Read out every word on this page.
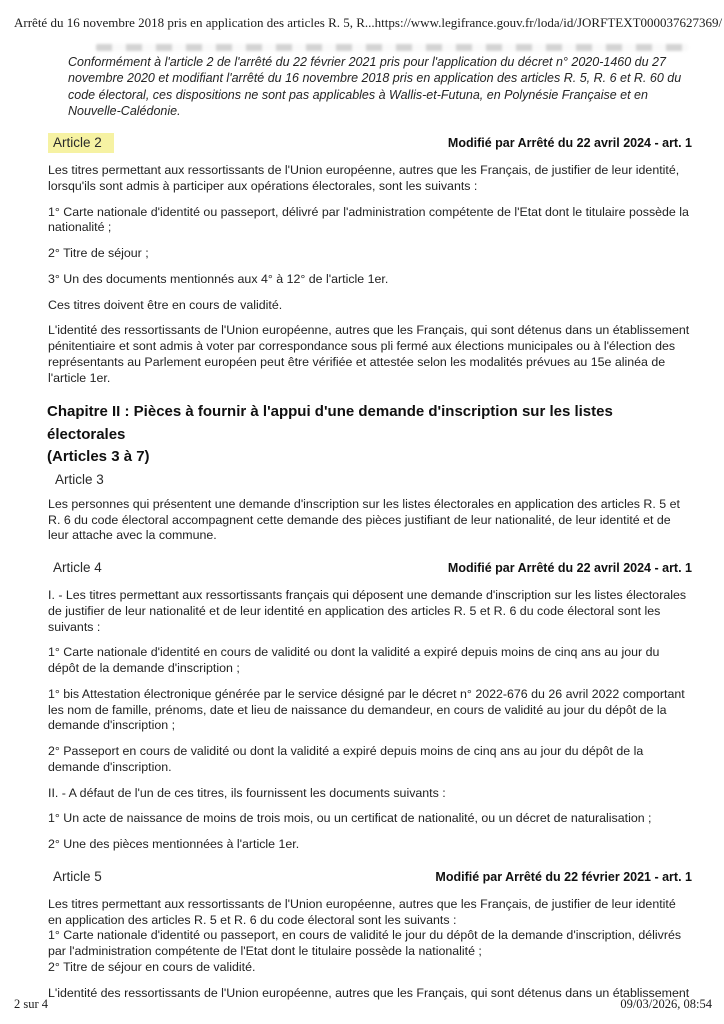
Arrêté du 16 novembre 2018 pris en application des articles R. 5, R... https://www.legifrance.gouv.fr/loda/id/JORFTEXT000037627369/

Conformément à l'article 2 de l'arrêté du 22 février 2021 pris pour l'application du décret n° 2020-1460 du 27 novembre 2020 et modifiant l'arrêté du 16 novembre 2018 pris en application des articles R. 5, R. 6 et R. 60 du code électoral, ces dispositions ne sont pas applicables à Wallis-et-Futuna, en Polynésie Française et en Nouvelle-Calédonie.

Article 2	Modifié par Arrêté du 22 avril 2024 - art. 1

Les titres permettant aux ressortissants de l'Union européenne, autres que les Français, de justifier de leur identité, lorsqu'ils sont admis à participer aux opérations électorales, sont les suivants :

1° Carte nationale d'identité ou passeport, délivré par l'administration compétente de l'Etat dont le titulaire possède la nationalité ;

2° Titre de séjour ;

3° Un des documents mentionnés aux 4° à 12° de l'article 1er.

Ces titres doivent être en cours de validité.

L'identité des ressortissants de l'Union européenne, autres que les Français, qui sont détenus dans un établissement pénitentiaire et sont admis à voter par correspondance sous pli fermé aux élections municipales ou à l'élection des représentants au Parlement européen peut être vérifiée et attestée selon les modalités prévues au 15e alinéa de l'article 1er.

Chapitre II : Pièces à fournir à l'appui d'une demande d'inscription sur les listes électorales
(Articles 3 à 7)
Article 3

Les personnes qui présentent une demande d'inscription sur les listes électorales en application des articles R. 5 et R. 6 du code électoral accompagnent cette demande des pièces justifiant de leur nationalité, de leur identité et de leur attache avec la commune.

Article 4	Modifié par Arrêté du 22 avril 2024 - art. 1

I. - Les titres permettant aux ressortissants français qui déposent une demande d'inscription sur les listes électorales de justifier de leur nationalité et de leur identité en application des articles R. 5 et R. 6 du code électoral sont les suivants :

1° Carte nationale d'identité en cours de validité ou dont la validité a expiré depuis moins de cinq ans au jour du dépôt de la demande d'inscription ;

1° bis Attestation électronique générée par le service désigné par le décret n° 2022-676 du 26 avril 2022 comportant les nom de famille, prénoms, date et lieu de naissance du demandeur, en cours de validité au jour du dépôt de la demande d'inscription ;

2° Passeport en cours de validité ou dont la validité a expiré depuis moins de cinq ans au jour du dépôt de la demande d'inscription.

II. - A défaut de l'un de ces titres, ils fournissent les documents suivants :

1° Un acte de naissance de moins de trois mois, ou un certificat de nationalité, ou un décret de naturalisation ;

2° Une des pièces mentionnées à l'article 1er.

Article 5	Modifié par Arrêté du 22 février 2021 - art. 1

Les titres permettant aux ressortissants de l'Union européenne, autres que les Français, de justifier de leur identité en application des articles R. 5 et R. 6 du code électoral sont les suivants :

1° Carte nationale d'identité ou passeport, en cours de validité le jour du dépôt de la demande d'inscription, délivrés par l'administration compétente de l'Etat dont le titulaire possède la nationalité ;

2° Titre de séjour en cours de validité.

L'identité des ressortissants de l'Union européenne, autres que les Français, qui sont détenus dans un établissement

2 sur 4	09/03/2026, 08:54
